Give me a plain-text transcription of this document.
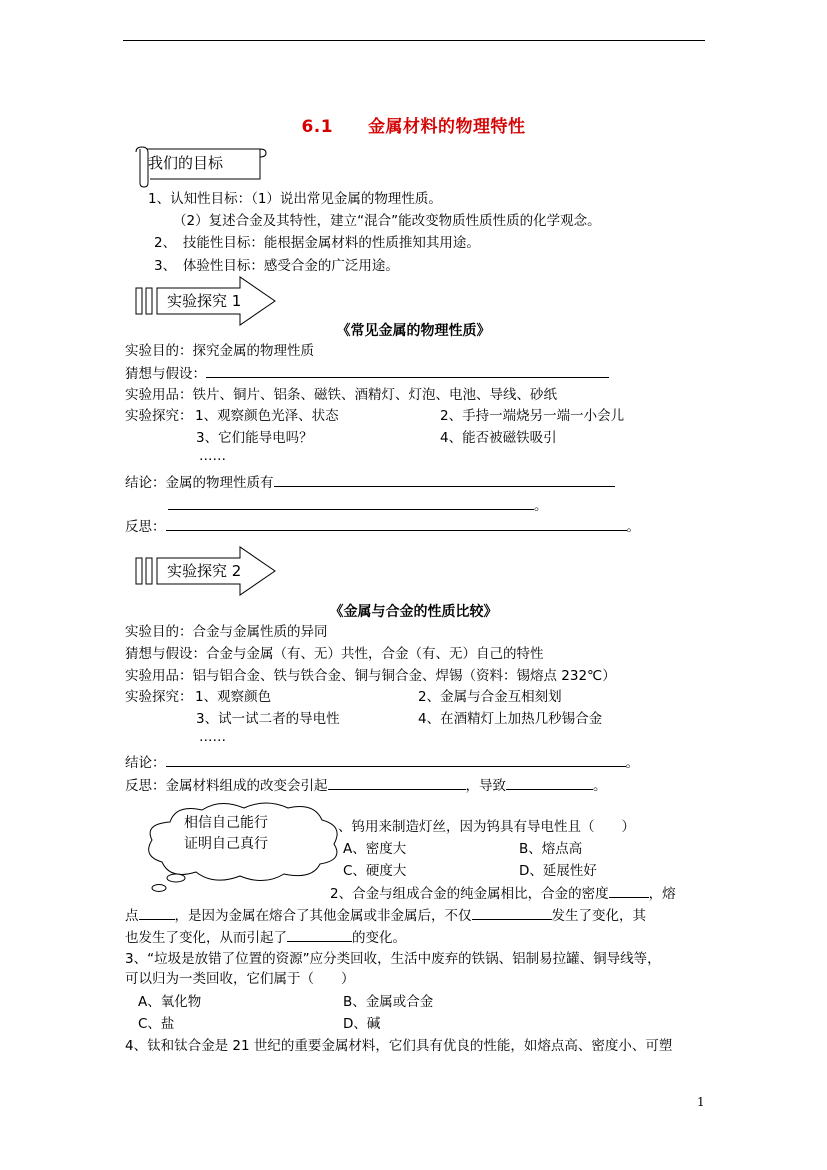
6.1　　金属材料的物理特性
我们的目标
1、认知性目标：（1）说出常见金属的物理性质。
（2）复述合金及其特性，建立“混合”能改变物质性质性质的化学观念。
2、　技能性目标：能根据金属材料的性质推知其用途。
3、　体验性目标：感受合金的广泛用途。
实验探究 1
《常见金属的物理性质》
实验目的：探究金属的物理性质
猜想与假设：
实验用品：铁片、铜片、铝条、磁铁、酒精灯、灯泡、电池、导线、砂纸
实验探究： 1、观察颜色光泽、状态	2、手持一端烧另一端一小会儿
3、它们能导电吗？	4、能否被磁铁吸引
……
结论：金属的物理性质有
。
反思：	。
实验探究 2
《金属与合金的性质比较》
实验目的：合金与金属性质的异同
猜想与假设：合金与金属（有、无）共性，合金（有、无）自己的特性
实验用品：铝与铝合金、铁与铁合金、铜与铜合金、焊锡（资料：锡熔点 232℃）
实验探究： 1、观察颜色	2、金属与合金互相刻划
3、试一试二者的导电性	4、在酒精灯上加热几秒锡合金
……
结论：	。
反思：金属材料组成的改变会引起	，导致	。
相信自己能行
证明自己真行
、钨用来制造灯丝，因为钨具有导电性且（　　）
A、密度大	B、熔点高
C、硬度大	D、延展性好
2、合金与组成合金的纯金属相比，合金的密度	，熔
点	，是因为金属在熔合了其他金属或非金属后，不仅	发生了变化，其
也发生了变化，从而引起了	的变化。
3、“垃圾是放错了位置的资源”应分类回收，生活中废弃的铁锅、铝制易拉罐、铜导线等，
可以归为一类回收，它们属于（　　）
A、氧化物	B、金属或合金
C、盐	D、碱
4、钛和钛合金是 21 世纪的重要金属材料，它们具有优良的性能，如熔点高、密度小、可塑
1
